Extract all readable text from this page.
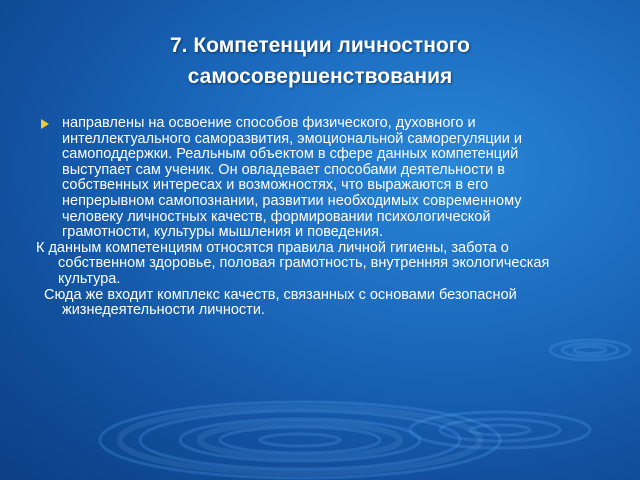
7. Компетенции личностного самосовершенствования
направлены на освоение способов физического, духовного и интеллектуального саморазвития, эмоциональной саморегуляции и самоподдержки. Реальным объектом в сфере данных компетенций выступает сам ученик. Он овладевает способами деятельности в собственных интересах и возможностях, что выражаются в его непрерывном самопознании, развитии необходимых современному человеку личностных качеств, формировании психологической грамотности, культуры мышления и поведения.
К данным компетенциям относятся правила личной гигиены, забота о собственном здоровье, половая грамотность, внутренняя экологическая культура.
Сюда же входит комплекс качеств, связанных с основами безопасной жизнедеятельности личности.
